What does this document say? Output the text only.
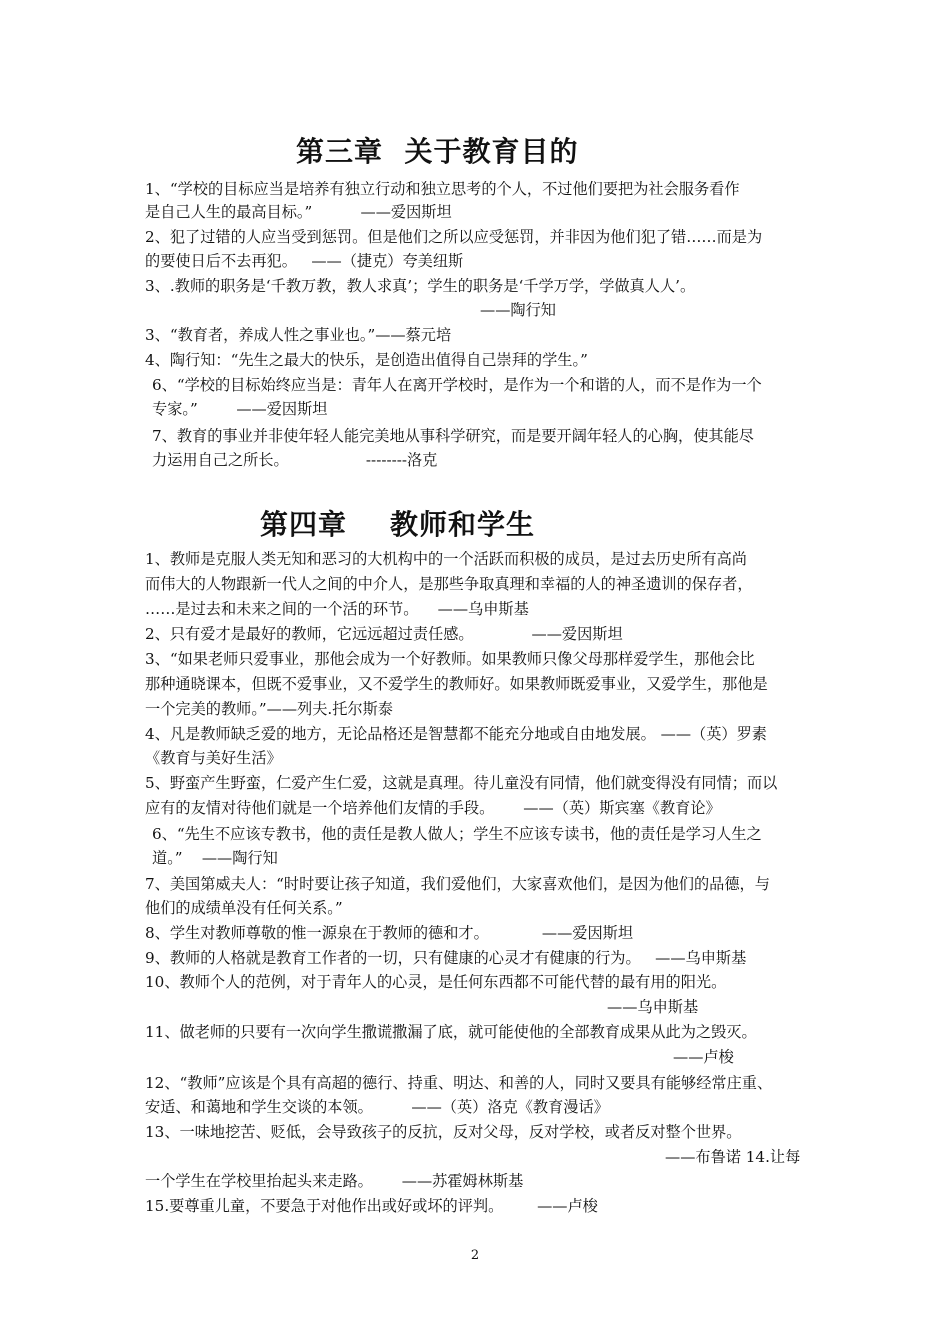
第三章  关于教育目的
1、“学校的目标应当是培养有独立行动和独立思考的个人，不过他们要把为社会服务看作
是自己人生的最高目标。”          ——爱因斯坦
2、犯了过错的人应当受到惩罚。但是他们之所以应受惩罚，并非因为他们犯了错……而是为
的要使日后不去再犯。   ——（捷克）夸美纽斯
3、.教师的职务是‘千教万教，教人求真’；学生的职务是‘千学万学，学做真人人’。
——陶行知
3、“教育者，养成人性之事业也。”——蔡元培
4、陶行知：“先生之最大的快乐，是创造出值得自己崇拜的学生。”
6、“学校的目标始终应当是：青年人在离开学校时，是作为一个和谐的人，而不是作为一个
专家。”        ——爱因斯坦
7、教育的事业并非使年轻人能完美地从事科学研究，而是要开阔年轻人的心胸，使其能尽
力运用自己之所长。                --------洛克
第四章    教师和学生
1、教师是克服人类无知和恶习的大机构中的一个活跃而积极的成员，是过去历史所有高尚
而伟大的人物跟新一代人之间的中介人，是那些争取真理和幸福的人的神圣遗训的保存者，
……是过去和未来之间的一个活的环节。    ——乌申斯基
2、只有爱才是最好的教师，它远远超过责任感。            ——爱因斯坦
3、“如果老师只爱事业，那他会成为一个好教师。如果教师只像父母那样爱学生，那他会比
那种通晓课本，但既不爱事业，又不爱学生的教师好。如果教师既爱事业，又爱学生，那他是
一个完美的教师。”——列夫.托尔斯泰
4、凡是教师缺乏爱的地方，无论品格还是智慧都不能充分地或自由地发展。 ——（英）罗素
《教育与美好生活》
5、野蛮产生野蛮，仁爱产生仁爱，这就是真理。待儿童没有同情，他们就变得没有同情；而以
应有的友情对待他们就是一个培养他们友情的手段。      ——（英）斯宾塞《教育论》
6、“先生不应该专教书，他的责任是教人做人；学生不应该专读书，他的责任是学习人生之
道。”    ——陶行知
7、美国第威夫人：“时时要让孩子知道，我们爱他们，大家喜欢他们，是因为他们的品德，与
他们的成绩单没有任何关系。”
8、学生对教师尊敬的惟一源泉在于教师的德和才。           ——爱因斯坦
9、教师的人格就是教育工作者的一切，只有健康的心灵才有健康的行为。   ——乌申斯基
10、教师个人的范例，对于青年人的心灵，是任何东西都不可能代替的最有用的阳光。
——乌申斯基
11、做老师的只要有一次向学生撒谎撒漏了底，就可能使他的全部教育成果从此为之毁灭。
——卢梭
12、“教师”应该是个具有高超的德行、持重、明达、和善的人，同时又要具有能够经常庄重、
安适、和蔼地和学生交谈的本领。        ——（英）洛克《教育漫话》
13、一味地挖苦、贬低，会导致孩子的反抗，反对父母，反对学校，或者反对整个世界。
——布鲁诺 14.让每
一个学生在学校里抬起头来走路。      ——苏霍姆林斯基
15.要尊重儿童，不要急于对他作出或好或坏的评判。       ——卢梭
2
